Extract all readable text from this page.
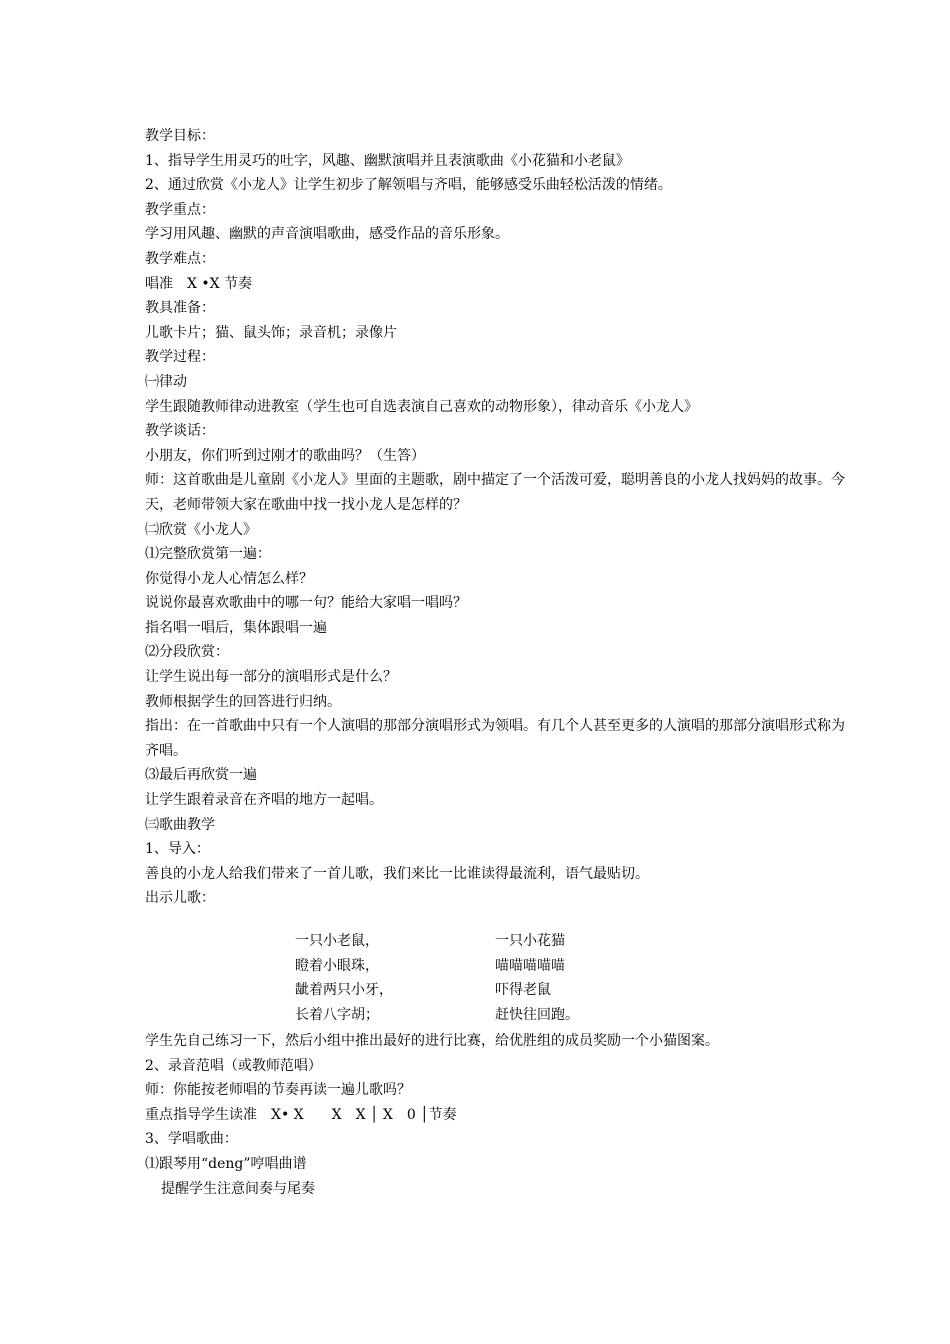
教学目标：
1、指导学生用灵巧的吐字，风趣、幽默演唱并且表演歌曲《小花猫和小老鼠》
2、通过欣赏《小龙人》让学生初步了解领唱与齐唱，能够感受乐曲轻松活泼的情绪。
教学重点：
学习用风趣、幽默的声音演唱歌曲，感受作品的音乐形象。
教学难点：
唱准　X •X 节奏
教具准备：
儿歌卡片；猫、鼠头饰；录音机；录像片
教学过程：
㈠律动
学生跟随教师律动进教室（学生也可自选表演自己喜欢的动物形象），律动音乐《小龙人》
教学谈话：
小朋友，你们听到过刚才的歌曲吗？（生答）
师：这首歌曲是儿童剧《小龙人》里面的主题歌，剧中描定了一个活泼可爱，聪明善良的小龙人找妈妈的故事。今天，老师带领大家在歌曲中找一找小龙人是怎样的？
㈡欣赏《小龙人》
⑴完整欣赏第一遍：
你觉得小龙人心情怎么样？
说说你最喜欢歌曲中的哪一句？能给大家唱一唱吗？
指名唱一唱后，集体跟唱一遍
⑵分段欣赏：
让学生说出每一部分的演唱形式是什么？
教师根据学生的回答进行归纳。
指出：在一首歌曲中只有一个人演唱的那部分演唱形式为领唱。有几个人甚至更多的人演唱的那部分演唱形式称为齐唱。
⑶最后再欣赏一遍
让学生跟着录音在齐唱的地方一起唱。
㈢歌曲教学
1、导入：
善良的小龙人给我们带来了一首儿歌，我们来比一比谁读得最流利，语气最贴切。
出示儿歌：
一只小老鼠，
瞪着小眼珠，
龇着两只小牙，
长着八字胡；
一只小花猫
喵喵喵喵喵
吓得老鼠
赶快往回跑。
学生先自己练习一下，然后小组中推出最好的进行比赛，给优胜组的成员奖励一个小猫图案。
2、录音范唱（或教师范唱）
师：你能按老师唱的节奏再读一遍儿歌吗？
重点指导学生读准　X• X　　X　X │ X　0 │节奏
3、学唱歌曲：
⑴跟琴用“deng”哼唱曲谱
提醒学生注意间奏与尾奏
